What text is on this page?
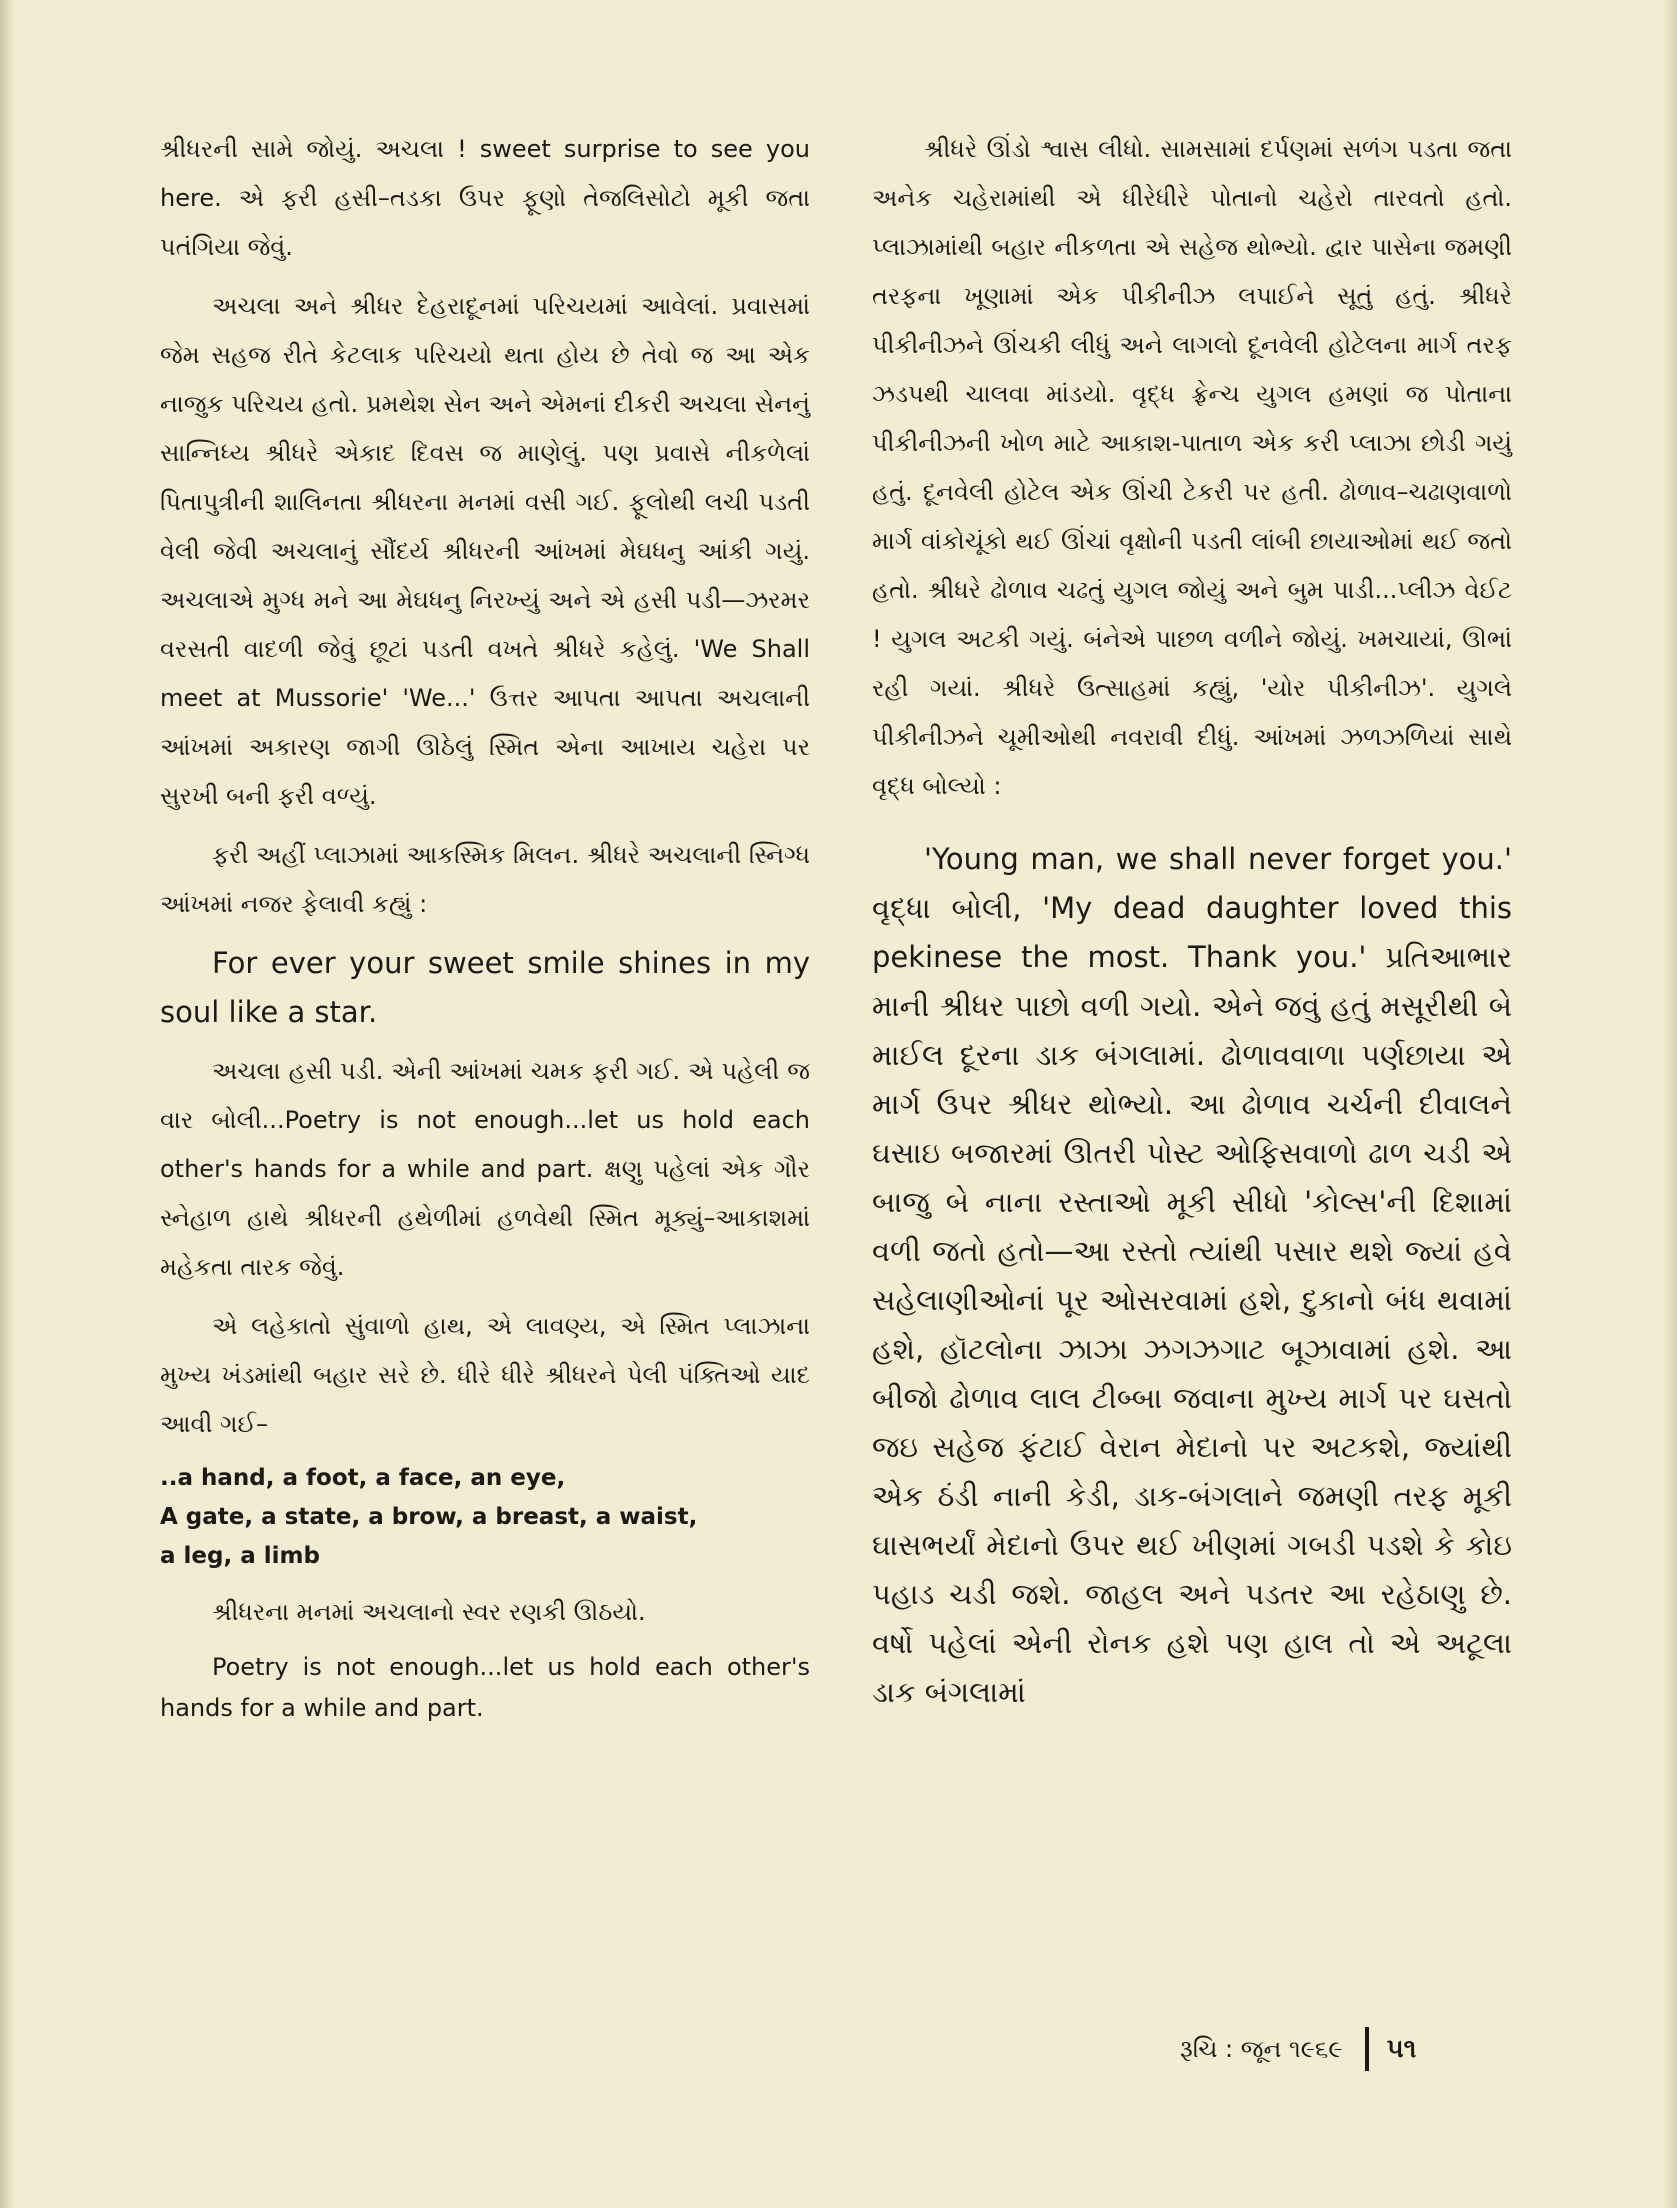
શ્રીધરની સામે જોયું. અચલા ! sweet surprise to see you here. એ ફરી હસી–તડકા ઉપર ફૂણો તેજલિસોટો મૂકી જતા પતંગિયા જેવું.

અચલા અને શ્રીધર દેહરાદૂનમાં પરિચયમાં આવેલાં. પ્રવાસમાં જેમ સહજ રીતે કેટલાક પરિચયો થતા હોય છે તેવો જ આ એક નાજુક પરિચય હતો. પ્રમથેશ સેન અને એમનાં દીકરી અચલા સેનનું સાન્નિધ્ય શ્રીધરે એકાદ દિવસ જ માણેલું. પણ પ્રવાસે નીકળેલાં પિતાપુત્રીની શાલિનતા શ્રીધરના મનમાં વસી ગઈ. ફૂલોથી લચી પડતી વેલી જેવી અચલાનું સૌંદર્ય શ્રીધરની આંખમાં મેઘધનુ આંકી ગયું. અચલાએ મુગ્ધ મને આ મેઘધનુ નિરખ્યું અને એ હસી પડી—ઝરમર વરસતી વાદળી જેવું છૂટાં પડતી વખતે શ્રીધરે કહેલું. 'We Shall meet at Mussorie' 'We...' ઉત્તર આપતા આપતા અચલાની આંખમાં અકારણ જાગી ઊઠેલું સ્મિત એના આખાય ચહેરા પર સુરખી બની ફરી વળ્યું.

ફરી અહીં પ્લાઝામાં આકસ્મિક મિલન. શ્રીધરે અચલાની સ્નિગ્ધ આંખમાં નજર ફેલાવી કહ્યું :

For ever your sweet smile shines in my soul like a star.

અચલા હસી પડી. એની આંખમાં ચમક ફરી ગઈ. એ પહેલી જ વાર બોલી...Poetry is not enough...let us hold each other's hands for a while and part. ક્ષણુ પહેલાં એક ગૌર સ્નેહાળ હાથે શ્રીધરની હથેળીમાં હળવેથી સ્મિત મૂક્યું–આકાશમાં મહેકતા તારક જેવું.

એ લહેકાતો સુંવાળો હાથ, એ લાવણ્ય, એ સ્મિત પ્લાઝાના મુખ્ય ખંડમાંથી બહાર સરે છે. ધીરે ધીરે શ્રીધરને પેલી પંક્તિઓ યાદ આવી ગઈ–

..a hand, a foot, a face, an eye,
A gate, a state, a brow, a breast, a waist,
a leg, a limb

શ્રીધરના મનમાં અચલાનો સ્વર રણકી ઊઠયો.

Poetry is not enough...let us hold each other's hands for a while and part.

શ્રીધરે ઊંડો શ્વાસ લીધો. સામસામાં દર્પણમાં સળંગ પડતા જતા અનેક ચહેરામાંથી એ ધીરેધીરે પોતાનો ચહેરો તારવતો હતો. પ્લાઝામાંથી બહાર નીકળતા એ સહેજ થોભ્યો. દ્વાર પાસેના જમણી તરફના ખૂણામાં એક પીકીનીઝ લપાઈને સૂતું હતું. શ્રીધરે પીકીનીઝને ઊંચકી લીધું અને લાગલો દૂનવેલી હોટેલના માર્ગ તરફ ઝડપથી ચાલવા માંડયો. વૃદ્ધ ફ્રેન્ચ યુગલ હમણાં જ પોતાના પીકીનીઝની ખોળ માટે આકાશ-પાતાળ એક કરી પ્લાઝા છોડી ગયું હતું. દૂનવેલી હોટેલ એક ઊંચી ટેકરી પર હતી. ઢોળાવ–ચઢાણવાળો માર્ગ વાંકોચૂંકો થઈ ઊંચાં વૃક્ષોની પડતી લાંબી છાયાઓમાં થઈ જતો હતો. શ્રીધરે ઢોળાવ ચઢતું યુગલ જોયું અને બુમ પાડી...પ્લીઝ વેઈટ ! યુગલ અટકી ગયું. બંનેએ પાછળ વળીને જોયું. ખમચાયાં, ઊભાં રહી ગયાં. શ્રીધરે ઉત્સાહમાં કહ્યું, 'યોર પીકીનીઝ'. યુગલે પીકીનીઝને ચૂમીઓથી નવરાવી દીધું. આંખમાં ઝળઝળિયાં સાથે વૃદ્ધ બોલ્યો :

'Young man, we shall never forget you.' વૃદ્ધા બોલી, 'My dead daughter loved this pekinese the most. Thank you.' પ્રતિઆભાર માની શ્રીધર પાછો વળી ગયો. એને જવું હતું મસૂરીથી બે માઈલ દૂરના ડાક બંગલામાં. ઢોળાવવાળા પર્ણછાયા એ માર્ગ ઉપર શ્રીધર થોભ્યો. આ ઢોળાવ ચર્ચની દીવાલને ઘસાઇ બજારમાં ઊતરી પોસ્ટ ઓફિસવાળો ઢાળ ચડી એ બાજુ બે નાના રસ્તાઓ મૂકી સીધો 'કોલ્સ'ની દિશામાં વળી જતો હતો—આ રસ્તો ત્યાંથી પસાર થશે જ્યાં હવે સહેલાણીઓનાં પૂર ઓસરવામાં હશે, દુકાનો બંધ થવામાં હશે, હૉટલોના ઝાઝા ઝગઝગાટ બૂઝાવામાં હશે. આ બીજો ઢોળાવ લાલ ટીબ્બા જવાના મુખ્ય માર્ગ પર ઘસતો જઇ સહેજ ફંટાઈ વેરાન મેદાનો પર અટકશે, જ્યાંથી એક ઠંડી નાની કેડી, ડાક-બંગલાને જમણી તરફ મૂકી ઘાસભર્યાં મેદાનો ઉપર થઈ ખીણમાં ગબડી પડશે કે કોઇ પહાડ ચડી જશે. જાહલ અને પડતર આ રહેઠાણુ છે. વર્ષો પહેલાં એની રોનક હશે પણ હાલ તો એ અટૂલા ડાક બંગલામાં

રૂચિ : જૂન ૧૯૬૯ ૫૧
